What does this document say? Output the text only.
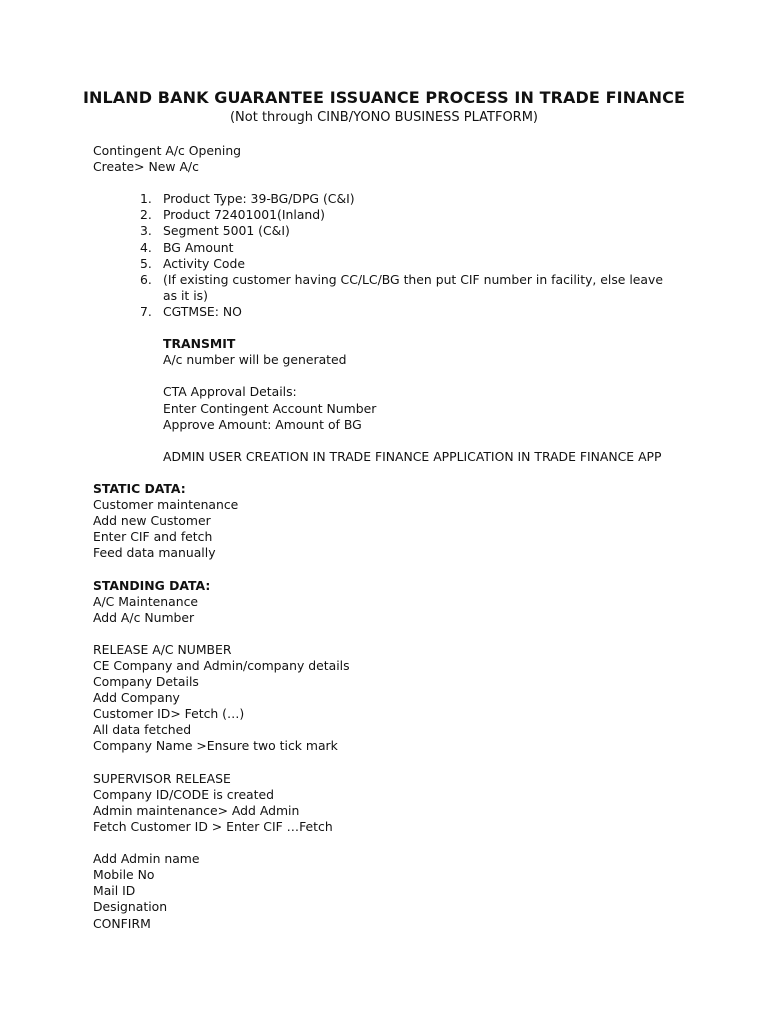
INLAND BANK GUARANTEE ISSUANCE PROCESS IN TRADE FINANCE
(Not through CINB/YONO BUSINESS PLATFORM)

Contingent A/c Opening

Create> New A/c

1. Product Type: 39-BG/DPG (C&I)
2. Product 72401001(Inland)
3. Segment 5001 (C&I)
4. BG Amount
5. Activity Code
6. (If existing customer having CC/LC/BG then put CIF number in facility, else leave as it is)
7. CGTMSE: NO

TRANSMIT

A/c number will be generated

CTA Approval Details:

Enter Contingent Account Number

Approve Amount: Amount of BG

ADMIN USER CREATION IN TRADE FINANCE APPLICATION IN TRADE FINANCE APP

STATIC DATA:

Customer maintenance

Add new Customer

Enter CIF and fetch

Feed data manually

STANDING DATA:

A/C Maintenance

Add A/c Number

RELEASE A/C NUMBER

CE Company and Admin/company details

Company Details

Add Company

Customer ID> Fetch (…)

All data fetched

Company Name >Ensure two tick mark

SUPERVISOR RELEASE

Company ID/CODE is created

Admin maintenance> Add Admin

Fetch Customer ID > Enter CIF …Fetch

Add Admin name

Mobile No

Mail ID

Designation

CONFIRM
